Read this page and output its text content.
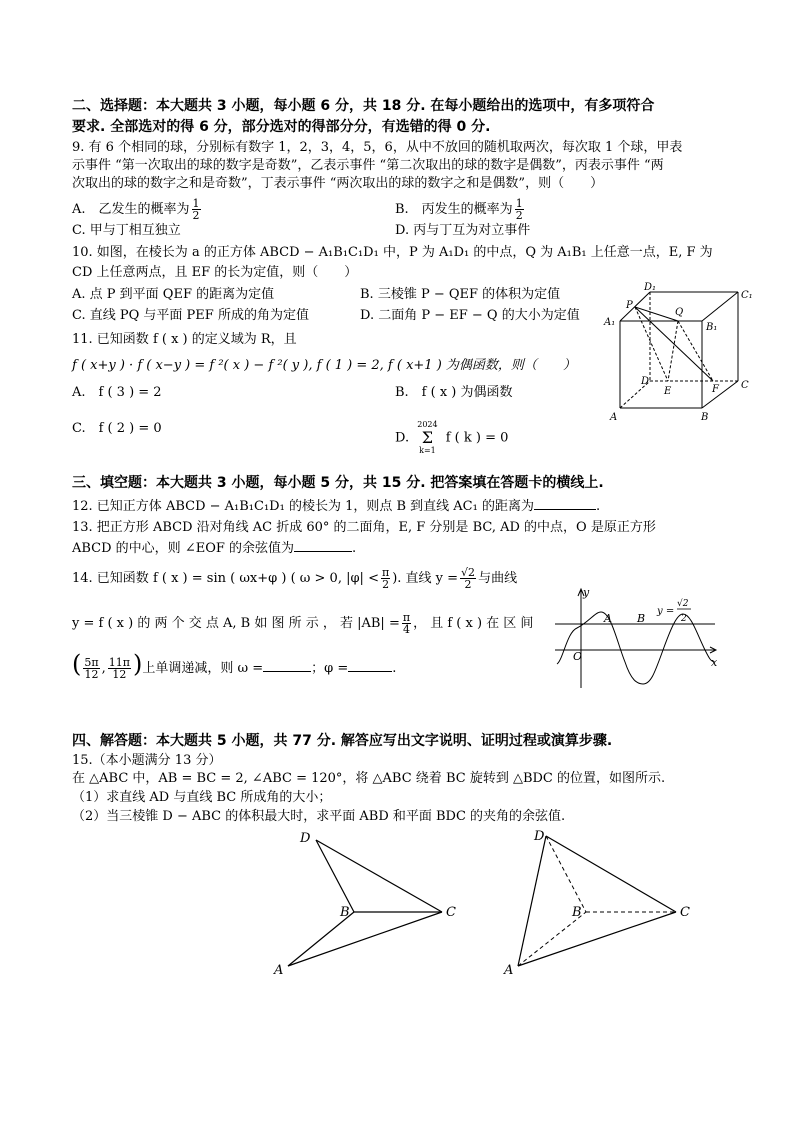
二、选择题：本大题共 3 小题，每小题 6 分，共 18 分. 在每小题给出的选项中，有多项符合
要求. 全部选对的得 6 分，部分选对的得部分分，有选错的得 0 分.
9. 有 6 个相同的球，分别标有数字 1，2，3，4，5，6，从中不放回的随机取两次，每次取 1 个球，甲表
示事件 “第一次取出的球的数字是奇数”，乙表示事件 “第二次取出的球的数字是偶数”，丙表示事件 “两
次取出的球的数字之和是奇数”，丁表示事件 “两次取出的球的数字之和是偶数”，则（　　）
A.　乙发生的概率为 $\frac{1}{2}$	B.　丙发生的概率为 $\frac{1}{2}$
C. 甲与丁相互独立	D. 丙与丁互为对立事件
10. 如图，在棱长为 a 的正方体 ABCD − A₁B₁C₁D₁ 中，P 为 A₁D₁ 的中点，Q 为 A₁B₁ 上任意一点，E, F 为
CD 上任意两点，且 EF 的长为定值，则（　　）
A. 点 P 到平面 QEF 的距离为定值	B. 三棱锥 P − QEF 的体积为定值
C. 直线 PQ 与平面 PEF 所成的角为定值	D. 二面角 P − EF − Q 的大小为定值
D₁
C₁
P
Q
A₁	B₁
D	C
E	F
A	B
11. 已知函数 f ( x ) 的定义域为 R，且
f ( x+y ) · f ( x−y ) = f ²( x ) − f ²( y ), f ( 1 ) = 2, f ( x+1 ) 为偶函数，则（　　）
A.　f ( 3 ) = 2	B.　f ( x ) 为偶函数
C.　f ( 2 ) = 0
D.
2024
Σ
k=1
f ( k ) = 0
三、填空题：本大题共 3 小题，每小题 5 分，共 15 分. 把答案填在答题卡的横线上.
12. 已知正方体 ABCD − A₁B₁C₁D₁ 的棱长为 1，则点 B 到直线 AC₁ 的距离为	.
13. 把正方形 ABCD 沿对角线 AC 折成 60° 的二面角，E, F 分别是 BC, AD 的中点，O 是原正方形
ABCD 的中心，则 ∠EOF 的余弦值为	.
14. 已知函数 f ( x ) = sin ( ωx+φ ) ( ω > 0, $|\varphi| < \frac{\pi}{2}$ ). 直线 $y = \frac{√2}{2}$ 与曲线
y = f ( x ) 的 两 个 交 点 A, B 如 图 所 示 ， 若 $|AB| = \frac{\pi}{4}$ ， 且 f ( x ) 在 区 间
( $\frac{5\pi}{12}$ , $\frac{11\pi}{12}$ )上单调递减，则 ω =	；φ =	.
y
x
O
A B
y =
√2
2
四、解答题：本大题共 5 小题，共 77 分. 解答应写出文字说明、证明过程或演算步骤.
15.（本小题满分 13 分）
在 △ABC 中，AB = BC = 2, ∠ABC = 120°，将 △ABC 绕着 BC 旋转到 △BDC 的位置，如图所示.
（1）求直线 AD 与直线 BC 所成角的大小；
（2）当三棱锥 D − ABC 的体积最大时，求平面 ABD 和平面 BDC 的夹角的余弦值.
D
B	C
A
D
B	C
A
